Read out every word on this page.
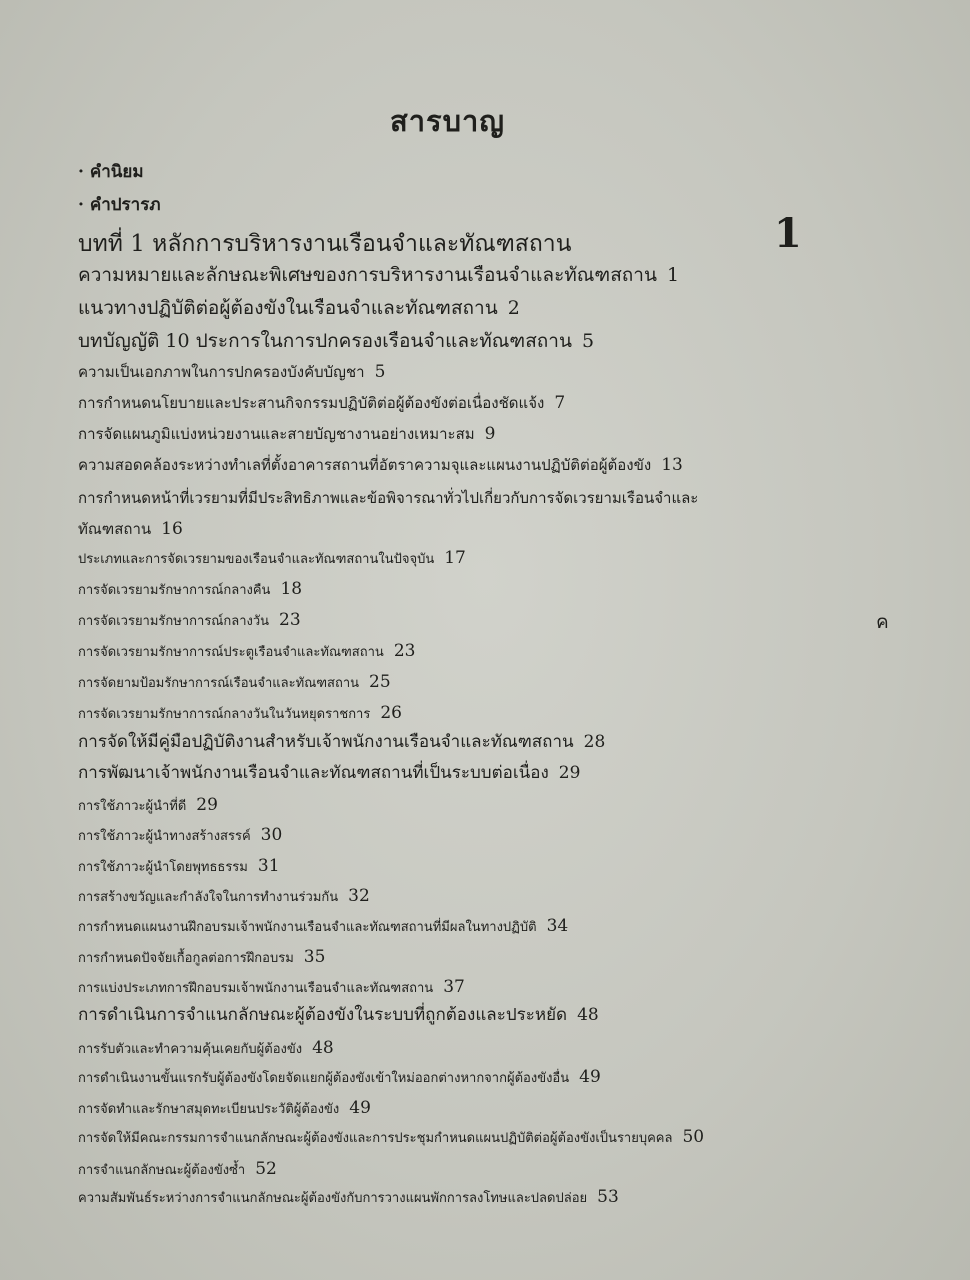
สารบาญ
· คำนิยม
· คำปรารภ
บทที่ 1 หลักการบริหารงานเรือนจำและทัณฑสถาน	1
ค
ความหมายและลักษณะพิเศษของการบริหารงานเรือนจำและทัณฑสถาน 1
แนวทางปฏิบัติต่อผู้ต้องขังในเรือนจำและทัณฑสถาน 2
บทบัญญัติ 10 ประการในการปกครองเรือนจำและทัณฑสถาน 5
ความเป็นเอกภาพในการปกครองบังคับบัญชา 5
การกำหนดนโยบายและประสานกิจกรรมปฏิบัติต่อผู้ต้องขังต่อเนื่องชัดแจ้ง 7
การจัดแผนภูมิแบ่งหน่วยงานและสายบัญชางานอย่างเหมาะสม 9
ความสอดคล้องระหว่างทำเลที่ตั้งอาคารสถานที่อัตราความจุและแผนงานปฏิบัติต่อผู้ต้องขัง 13
การกำหนดหน้าที่เวรยามที่มีประสิทธิภาพและข้อพิจารณาทั่วไปเกี่ยวกับการจัดเวรยามเรือนจำและทัณฑสถาน 16
ประเภทและการจัดเวรยามของเรือนจำและทัณฑสถานในปัจจุบัน 17
การจัดเวรยามรักษาการณ์กลางคืน 18
การจัดเวรยามรักษาการณ์กลางวัน 23
การจัดเวรยามรักษาการณ์ประตูเรือนจำและทัณฑสถาน 23
การจัดยามป้อมรักษาการณ์เรือนจำและทัณฑสถาน 25
การจัดเวรยามรักษาการณ์กลางวันในวันหยุดราชการ 26
การจัดให้มีคู่มือปฏิบัติงานสำหรับเจ้าพนักงานเรือนจำและทัณฑสถาน 28
การพัฒนาเจ้าพนักงานเรือนจำและทัณฑสถานที่เป็นระบบต่อเนื่อง 29
การใช้ภาวะผู้นำที่ดี 29
การใช้ภาวะผู้นำทางสร้างสรรค์ 30
การใช้ภาวะผู้นำโดยพุทธธรรม 31
การสร้างขวัญและกำลังใจในการทำงานร่วมกัน 32
การกำหนดแผนงานฝึกอบรมเจ้าพนักงานเรือนจำและทัณฑสถานที่มีผลในทางปฏิบัติ 34
การกำหนดปัจจัยเกื้อกูลต่อการฝึกอบรม 35
การแบ่งประเภทการฝึกอบรมเจ้าพนักงานเรือนจำและทัณฑสถาน 37
การดำเนินการจำแนกลักษณะผู้ต้องขังในระบบที่ถูกต้องและประหยัด 48
การรับตัวและทำความคุ้นเคยกับผู้ต้องขัง 48
การดำเนินงานขั้นแรกรับผู้ต้องขังโดยจัดแยกผู้ต้องขังเข้าใหม่ออกต่างหากจากผู้ต้องขังอื่น 49
การจัดทำและรักษาสมุดทะเบียนประวัติผู้ต้องขัง 49
การจัดให้มีคณะกรรมการจำแนกลักษณะผู้ต้องขังและการประชุมกำหนดแผนปฏิบัติต่อผู้ต้องขังเป็นรายบุคคล 50
การจำแนกลักษณะผู้ต้องขังซ้ำ 52
ความสัมพันธ์ระหว่างการจำแนกลักษณะผู้ต้องขังกับการวางแผนพักการลงโทษและปลดปล่อย 53
